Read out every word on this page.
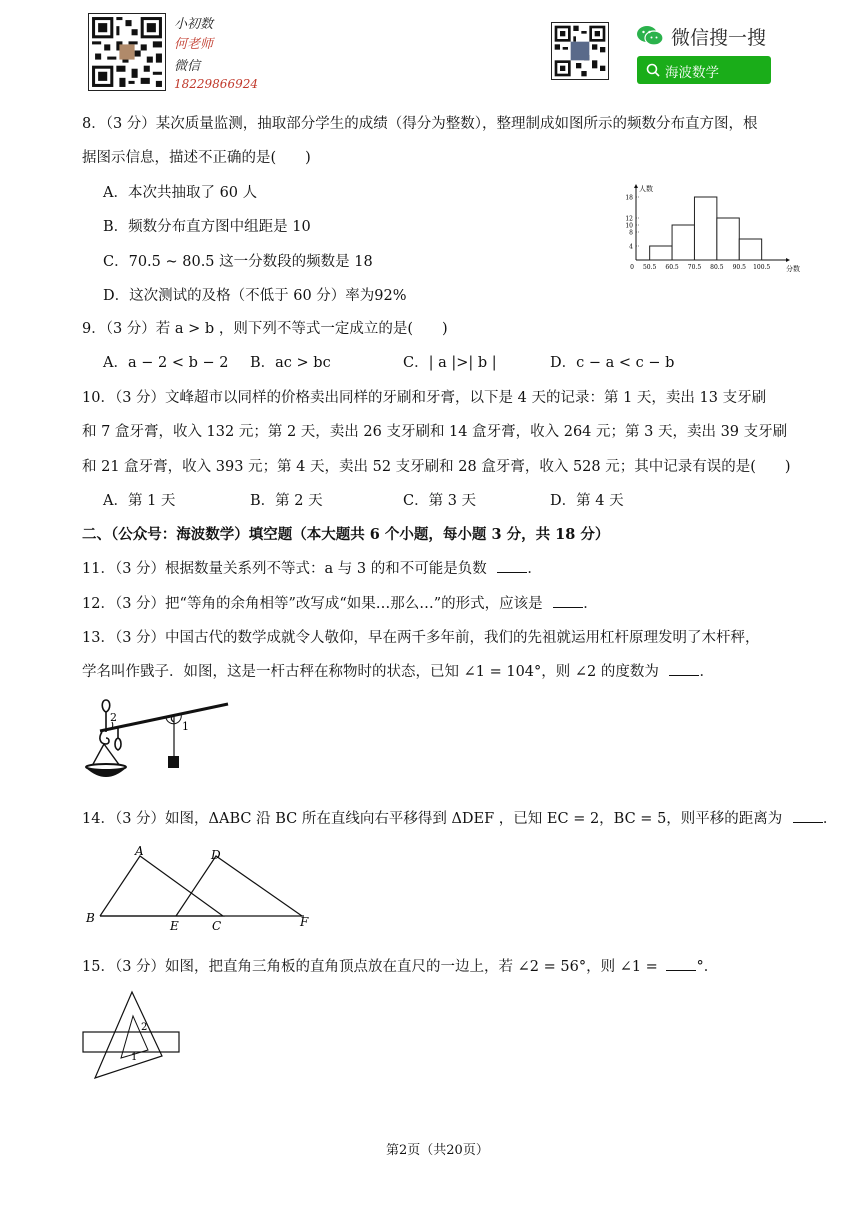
小初数
何老师
微信
18229866924
微信搜一搜
海波数学
8．（3 分）某次质量监测，抽取部分学生的成绩（得分为整数），整理制成如图所示的频数分布直方图，根
据图示信息，描述不正确的是(　　)
A．本次共抽取了 60 人
B．频数分布直方图中组距是 10
C．70.5 ~ 80.5 这一分数段的频数是 18
D．这次测试的及格（不低于 60 分）率为92%
人数
分数
4
8
10
12
18
50.5 60.5 70.5 80.5 90.5 100.5
0
9．（3 分）若 a > b ，则下列不等式一定成立的是(　　)
A．a − 2 < b − 2 B．ac > bc	C．| a |>| b |	D．c − a < c − b
10．（3 分）文峰超市以同样的价格卖出同样的牙刷和牙膏，以下是 4 天的记录：第 1 天，卖出 13 支牙刷
和 7 盒牙膏，收入 132 元；第 2 天，卖出 26 支牙刷和 14 盒牙膏，收入 264 元；第 3 天，卖出 39 支牙刷
和 21 盒牙膏，收入 393 元；第 4 天，卖出 52 支牙刷和 28 盒牙膏，收入 528 元；其中记录有误的是(　　)
A．第 1 天	B．第 2 天	C．第 3 天	D．第 4 天
二、（公众号：海波数学）填空题（本大题共 6 个小题，每小题 3 分，共 18 分）
11．（3 分）根据数量关系列不等式：a 与 3 的和不可能是负数	．
12．（3 分）把“等角的余角相等”改写成“如果…那么…”的形式，应该是	．
13．（3 分）中国古代的数学成就令人敬仰，早在两千多年前，我们的先祖就运用杠杆原理发明了木杆秤，
学名叫作戥子．如图，这是一杆古秤在称物时的状态，已知 ∠1 = 104°，则 ∠2 的度数为	．
1
2
14．（3 分）如图，ΔABC 沿 BC 所在直线向右平移得到 ΔDEF ，已知 EC = 2，BC = 5，则平移的距离为	．
A
B
C
D
E	F
15．（3 分）如图，把直角三角板的直角顶点放在直尺的一边上，若 ∠2 = 56°，则 ∠1 =	°．
2
1
第2页（共20页）
